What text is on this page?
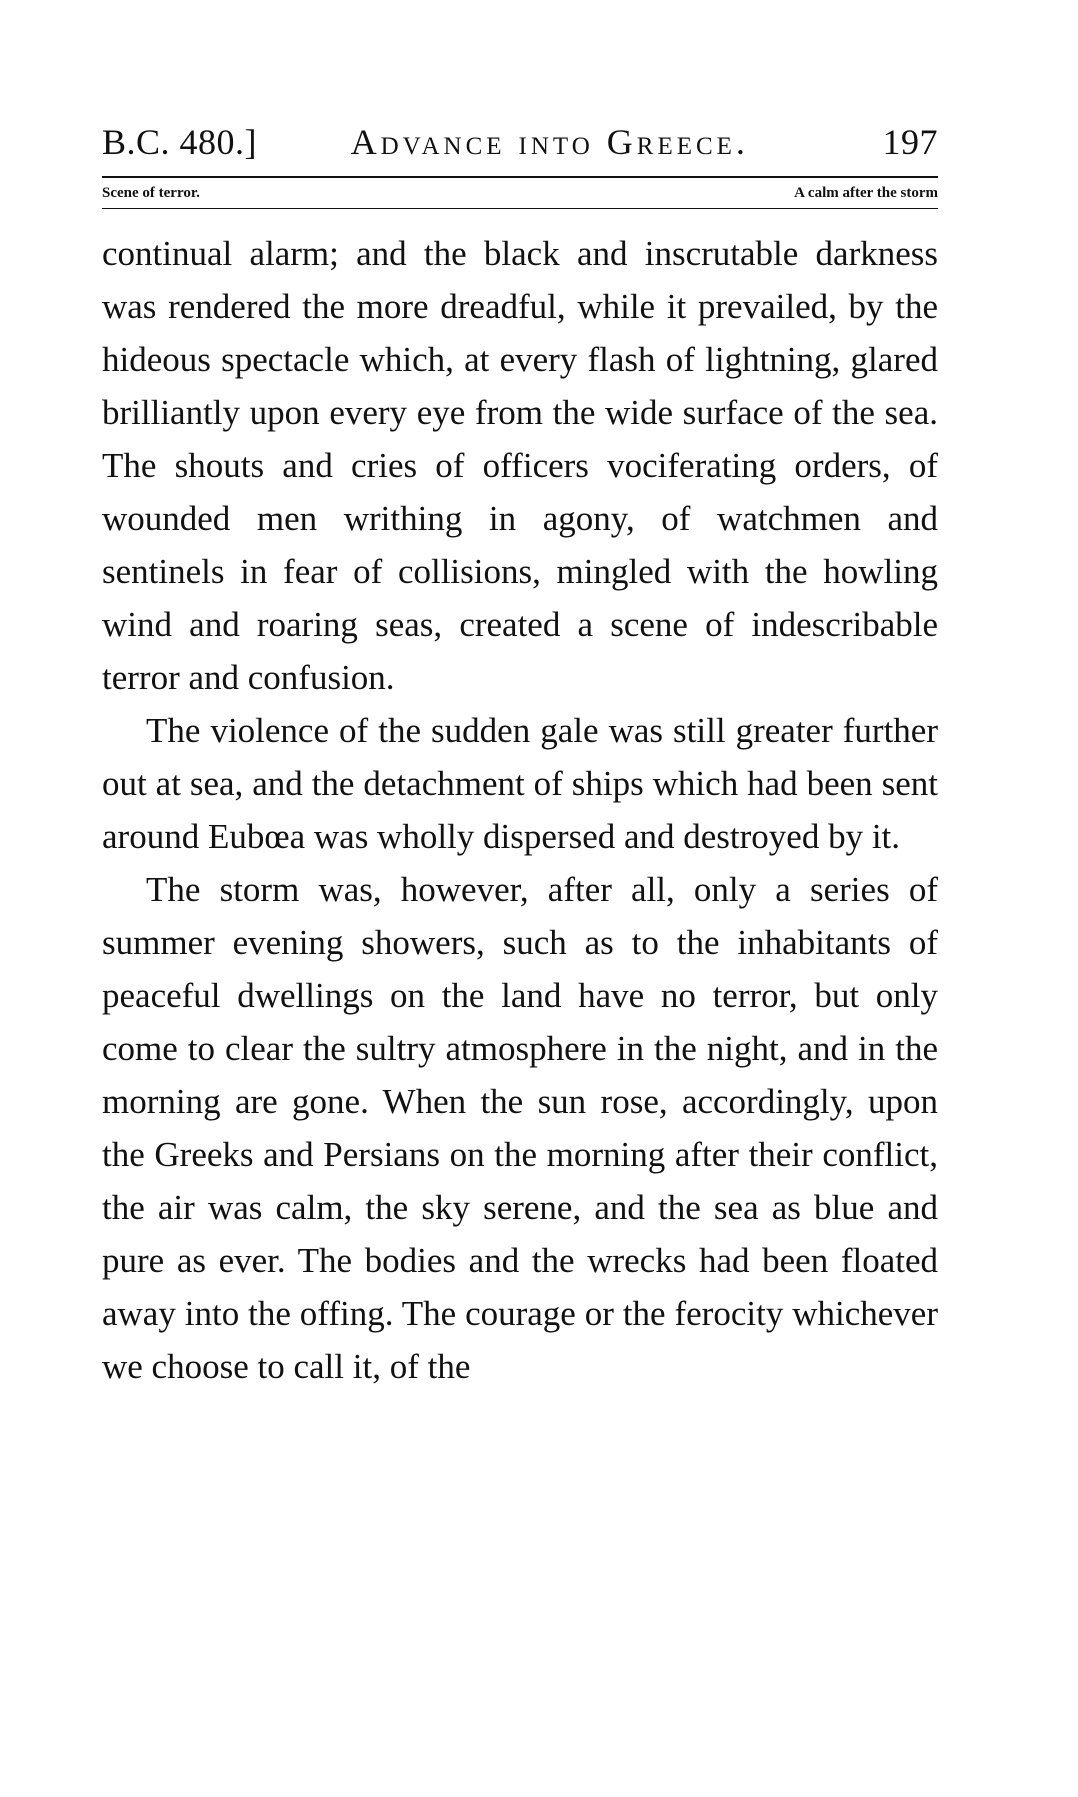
B.C. 480.]	Advance into Greece.	197
Scene of terror.	A calm after the storm

continual alarm; and the black and inscrutable darkness was rendered the more dreadful, while it prevailed, by the hideous spectacle which, at every flash of lightning, glared brilliantly upon every eye from the wide surface of the sea. The shouts and cries of officers vociferating orders, of wounded men writhing in agony, of watchmen and sentinels in fear of collisions, mingled with the howling wind and roaring seas, created a scene of indescribable terror and confusion.

The violence of the sudden gale was still greater further out at sea, and the detachment of ships which had been sent around Eubœa was wholly dispersed and destroyed by it.

The storm was, however, after all, only a series of summer evening showers, such as to the inhabitants of peaceful dwellings on the land have no terror, but only come to clear the sultry atmosphere in the night, and in the morning are gone. When the sun rose, accordingly, upon the Greeks and Persians on the morning after their conflict, the air was calm, the sky serene, and the sea as blue and pure as ever. The bodies and the wrecks had been floated away into the offing. The courage or the ferocity whichever we choose to call it, of the
